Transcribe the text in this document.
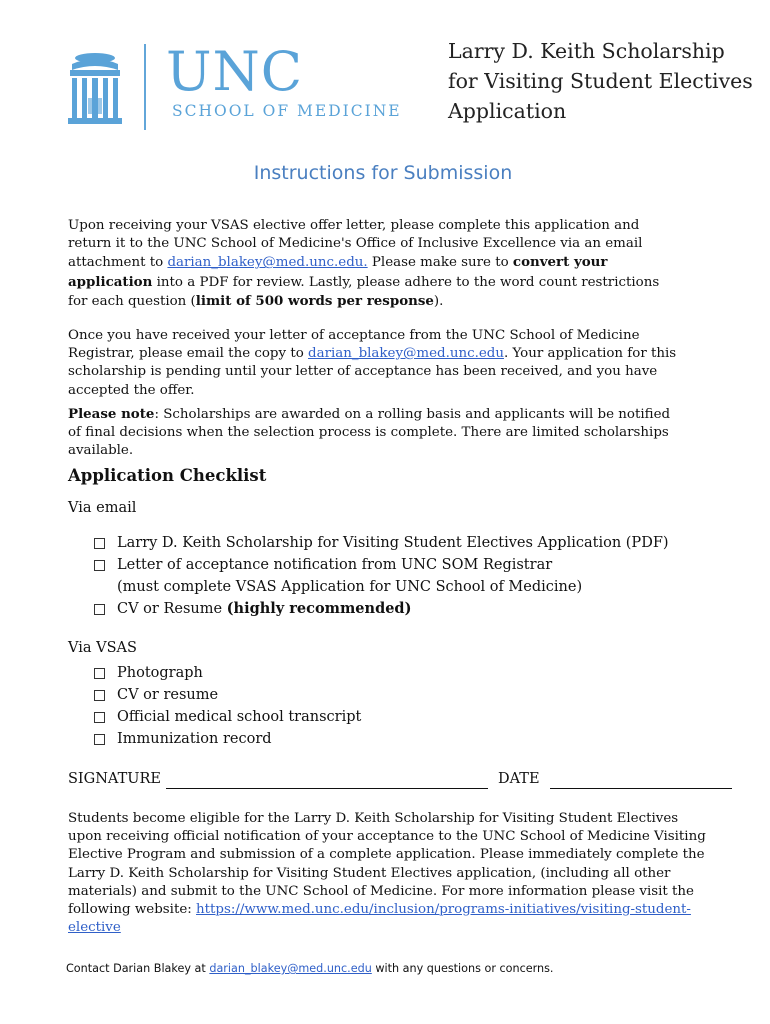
UNC
SCHOOL OF MEDICINE
Larry D. Keith Scholarship for Visiting Student Electives Application
Instructions for Submission

Upon receiving your VSAS elective offer letter, please complete this application and return it to the UNC School of Medicine's Office of Inclusive Excellence via an email attachment to darian_blakey@med.unc.edu. Please make sure to convert your application into a PDF for review. Lastly, please adhere to the word count restrictions for each question (limit of 500 words per response).

Once you have received your letter of acceptance from the UNC School of Medicine Registrar, please email the copy to darian_blakey@med.unc.edu. Your application for this scholarship is pending until your letter of acceptance has been received, and you have accepted the offer.

Please note: Scholarships are awarded on a rolling basis and applicants will be notified of final decisions when the selection process is complete. There are limited scholarships available.

Application Checklist
Via email
Larry D. Keith Scholarship for Visiting Student Electives Application (PDF)
Letter of acceptance notification from UNC SOM Registrar
(must complete VSAS Application for UNC School of Medicine)
CV or Resume (highly recommended)
Via VSAS
Photograph
CV or resume
Official medical school transcript
Immunization record
SIGNATURE	DATE

Students become eligible for the Larry D. Keith Scholarship for Visiting Student Electives upon receiving official notification of your acceptance to the UNC School of Medicine Visiting Elective Program and submission of a complete application. Please immediately complete the Larry D. Keith Scholarship for Visiting Student Electives application, (including all other materials) and submit to the UNC School of Medicine. For more information please visit the following website: https://www.med.unc.edu/inclusion/programs-initiatives/visiting-student-elective

Contact Darian Blakey at darian_blakey@med.unc.edu with any questions or concerns.
